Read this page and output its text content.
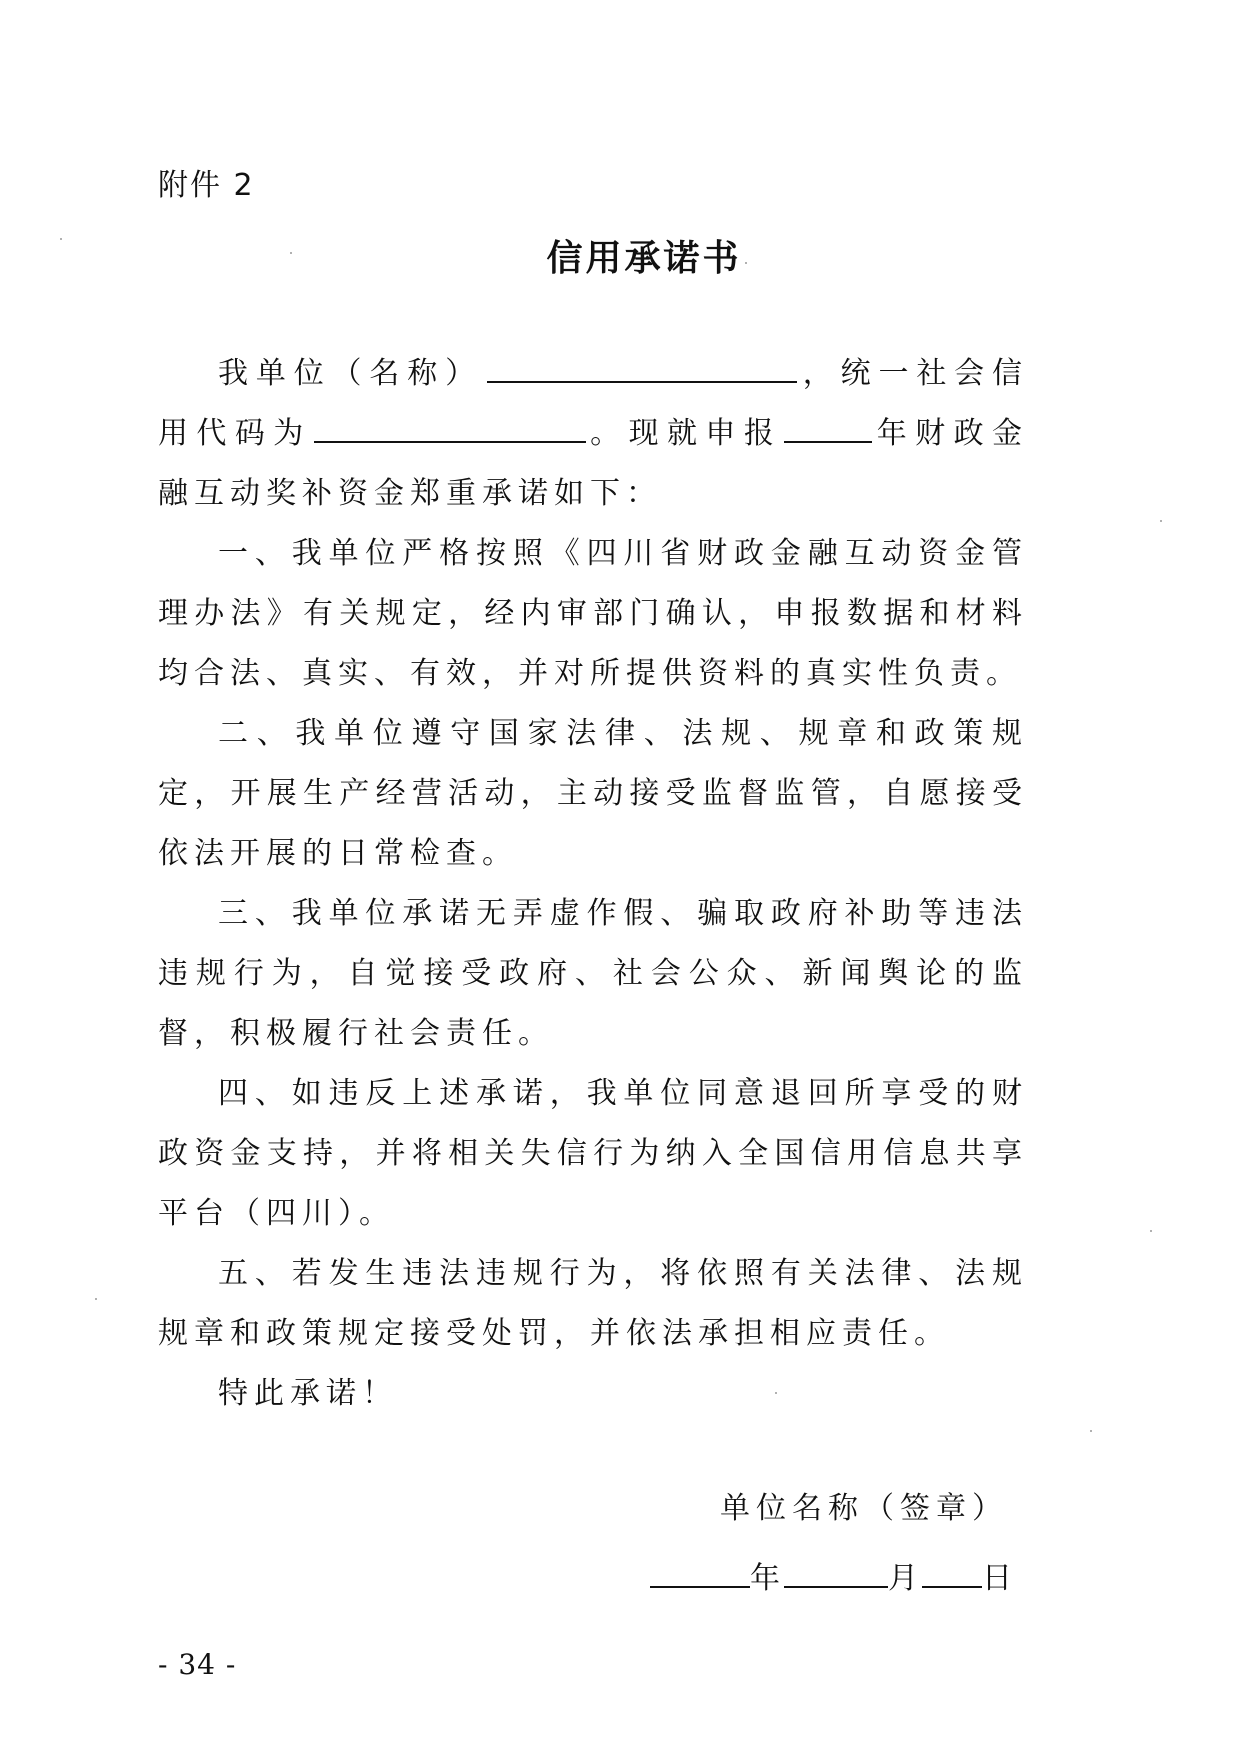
附件 2
信用承诺书

我单位（名称）	，统一社会信用代码为	。现就申报	年财政金融互动奖补资金郑重承诺如下：

一、我单位严格按照《四川省财政金融互动资金管理办法》有关规定，经内审部门确认，申报数据和材料均合法、真实、有效，并对所提供资料的真实性负责。

二、我单位遵守国家法律、法规、规章和政策规定，开展生产经营活动，主动接受监督监管，自愿接受依法开展的日常检查。

三、我单位承诺无弄虚作假、骗取政府补助等违法违规行为，自觉接受政府、社会公众、新闻舆论的监督，积极履行社会责任。

四、如违反上述承诺，我单位同意退回所享受的财政资金支持，并将相关失信行为纳入全国信用信息共享平台（四川）。

五、若发生违法违规行为，将依照有关法律、法规规章和政策规定接受处罚，并依法承担相应责任。

特此承诺！

单位名称（签章）
年	月 日
- 34 -
